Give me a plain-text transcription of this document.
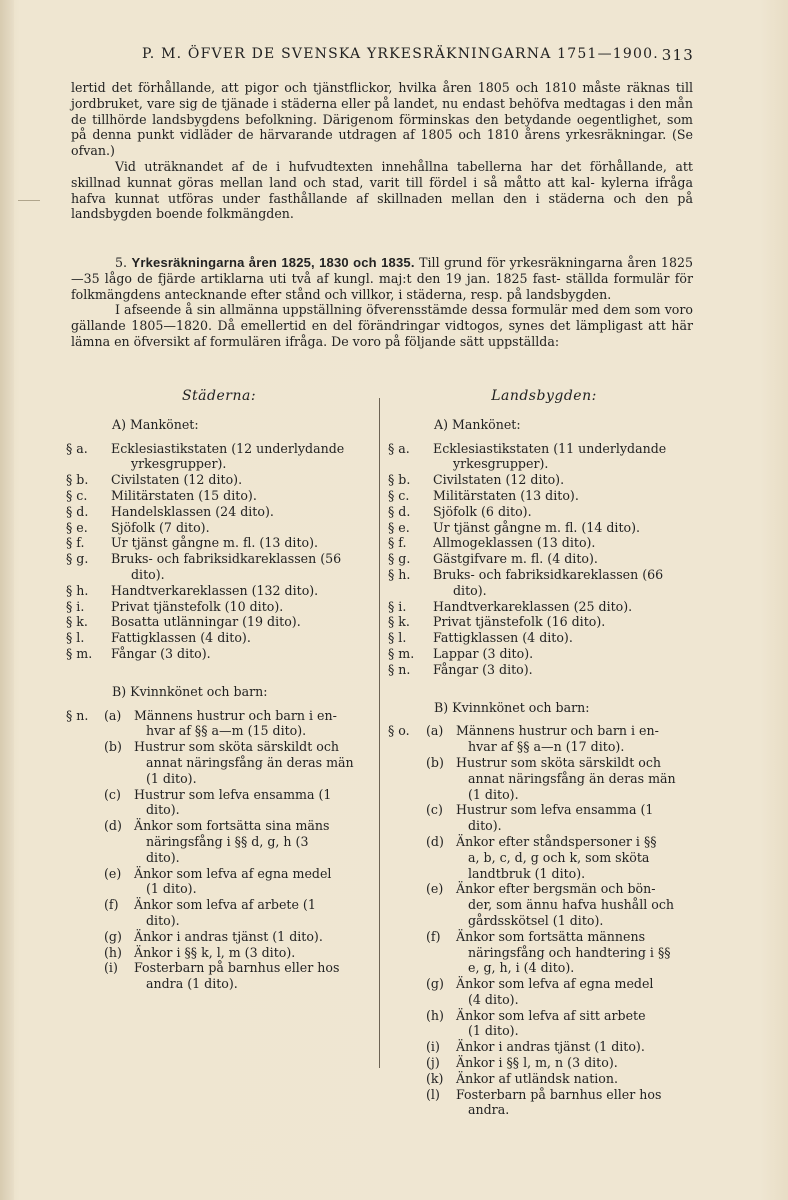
P. M. ÖFVER DE SVENSKA YRKESRÄKNINGARNA 1751—1900. 313

lertid det förhållande, att pigor och tjänstflickor, hvilka åren 1805 och 1810 måste räknas till jordbruket, vare sig de tjänade i städerna eller på landet, nu endast behöfva medtagas i den mån de tillhörde landsbygdens befolkning. Därigenom förminskas den betydande oegentlighet, som på denna punkt vidläder de härvarande utdragen af 1805 och 1810 årens yrkesräkningar. (Se ofvan.)

Vid uträknandet af de i hufvudtexten innehållna tabellerna har det förhållande, att skillnad kunnat göras mellan land och stad, varit till fördel i så måtto att kal- kylerna ifråga hafva kunnat utföras under fasthållande af skillnaden mellan den i städerna och den på landsbygden boende folkmängden.

5. Yrkesräkningarna åren 1825, 1830 och 1835. Till grund för yrkesräkningarna åren 1825—35 lågo de fjärde artiklarna uti två af kungl. maj:t den 19 jan. 1825 fast- ställda formulär för folkmängdens antecknande efter stånd och villkor, i städerna, resp. på landsbygden.

I afseende å sin allmänna uppställning öfverensstämde dessa formulär med dem som voro gällande 1805—1820. Då emellertid en del förändringar vidtogos, synes det lämpligast att här lämna en öfversikt af formulären ifråga. De voro på följande sätt uppställda:

Städerna:
A) Mankönet:
§ a.	Ecklesiastikstaten (12 underlydande
yrkesgrupper).
§ b.	Civilstaten (12 dito).
§ c.	Militärstaten (15 dito).
§ d.	Handelsklassen (24 dito).
§ e.	Sjöfolk (7 dito).
§ f.	Ur tjänst gångne m. fl. (13 dito).
§ g.	Bruks- och fabriksidkareklassen (56
dito).
§ h.	Handtverkareklassen (132 dito).
§ i.	Privat tjänstefolk (10 dito).
§ k.	Bosatta utlänningar (19 dito).
§ l.	Fattigklassen (4 dito).
§ m.	Fångar (3 dito).
B) Kvinnkönet och barn:
§ n.	(a)	Männens hustrur och barn i en-
hvar af §§ a—m (15 dito).
(b) Hustrur som sköta särskildt och
annat näringsfång än deras män
(1 dito).
(c)	Hustrur som lefva ensamma (1
dito).
(d) Änkor som fortsätta sina mäns
näringsfång i §§ d, g, h (3
dito).
(e)	Änkor som lefva af egna medel
(1 dito).
(f)	Änkor som lefva af arbete (1
dito).
(g) Änkor i andras tjänst (1 dito).
(h) Änkor i §§ k, l, m (3 dito).
(i)	Fosterbarn på barnhus eller hos
andra (1 dito).
Landsbygden:
A) Mankönet:
§ a.	Ecklesiastikstaten (11 underlydande
yrkesgrupper).
§ b.	Civilstaten (12 dito).
§ c.	Militärstaten (13 dito).
§ d.	Sjöfolk (6 dito).
§ e.	Ur tjänst gångne m. fl. (14 dito).
§ f.	Allmogeklassen (13 dito).
§ g.	Gästgifvare m. fl. (4 dito).
§ h.	Bruks- och fabriksidkareklassen (66
dito).
§ i.	Handtverkareklassen (25 dito).
§ k.	Privat tjänstefolk (16 dito).
§ l.	Fattigklassen (4 dito).
§ m.	Lappar (3 dito).
§ n.	Fångar (3 dito).
B) Kvinnkönet och barn:
§ o.	(a)	Männens hustrur och barn i en-
hvar af §§ a—n (17 dito).
(b) Hustrur som sköta särskildt och
annat näringsfång än deras män
(1 dito).
(c)	Hustrur som lefva ensamma (1
dito).
(d) Änkor efter ståndspersoner i §§
a, b, c, d, g och k, som sköta
landtbruk (1 dito).
(e)	Änkor efter bergsmän och bön-
der, som ännu hafva hushåll och
gårdsskötsel (1 dito).
(f)	Änkor som fortsätta männens
näringsfång och handtering i §§
e, g, h, i (4 dito).
(g) Änkor som lefva af egna medel
(4 dito).
(h) Änkor som lefva af sitt arbete
(1 dito).
(i)	Änkor i andras tjänst (1 dito).
(j)	Änkor i §§ l, m, n (3 dito).
(k) Änkor af utländsk nation.
(l)	Fosterbarn på barnhus eller hos
andra.
